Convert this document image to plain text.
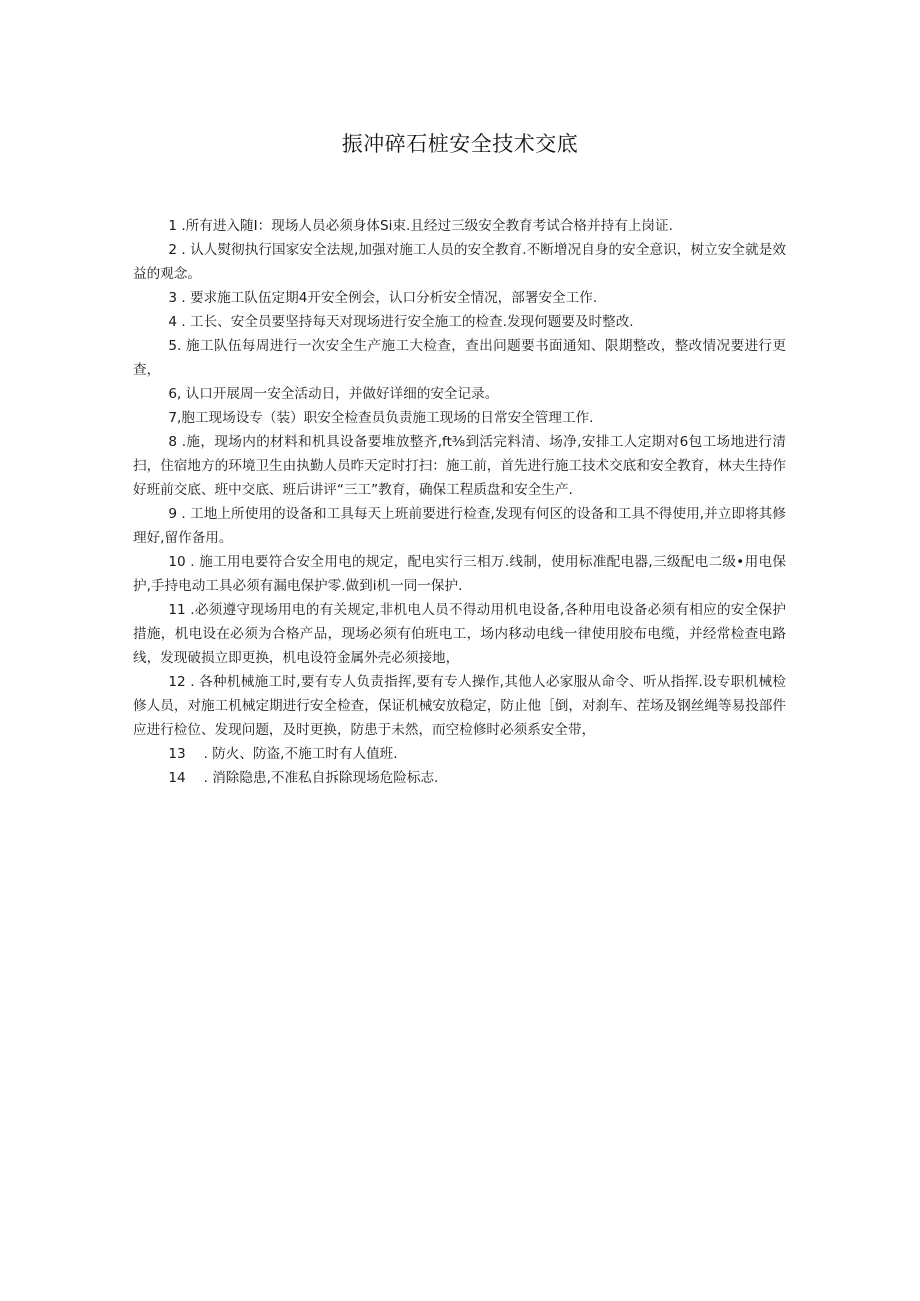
振冲碎石桩安全技术交底

1 .所有进入随I：现场人员必须身体Si束.且经过三级安全教育考试合格并持有上岗证.

2 . 认人熨彻执行国家安全法规,加强对施工人员的安全教育.不断增况自身的安全意识，树立安全就是效益的观念。

3 . 要求施工队伍定期4开安全例会，认口分析安全情况，部署安全工作.

4 . 工长、安全员要坚持每天对现场进行安全施工的检查.发现何题要及时整改.

5. 施工队伍每周进行一次安全生产施工大检查，查出问题要书面通知、限期整改，整改情况要进行更查，

6, 认口开展周一安全活动日，并做好详细的安全记录。

7,胞工现场设专（装）职安全检查员负责施工现场的日常安全管理工作.

8 .施，现场内的材料和机具设备要堆放整齐,ft⅜到活完料清、场净,安排工人定期对6包工场地进行清扫，住宿地方的环境卫生由执勤人员昨天定时打扫：施工前，首先进行施工技术交底和安全教育，林夫生持作好班前交底、班中交底、班后讲评“三工”教育，确保工程质盘和安全生产.

9 . 工地上所使用的设备和工具每天上班前要进行检查,发现有何区的设备和工具不得使用,并立即将其修理好,留作备用。

10 . 施工用电要符合安全用电的规定，配电实行三相万.线制，使用标准配电器,三级配电二级•用电保护,手持电动工具必须有漏电保护零.做到i机一同一保护.

11 .必须遵守现场用电的有关规定,非机电人员不得动用机电设备,各种用电设备必须有相应的安全保护措施，机电设在必须为合格产品，现场必须有伯班电工，场内移动电线一律使用胶布电缆，并经常检查电路线，发现破损立即更换，机电设符金属外壳必须接地，

12 . 各种机械施工时,要有专人负责指挥,要有专人操作,其他人必家服从命令、听从指挥.设专职机械检修人员，对施工机械定期进行安全检查，保证机械安放稳定，防止他［倒，对刹车、茬场及钢丝绳等易投部件应进行检位、发现问题，及时更换，防患于未然，而空检修时必须系安全带，

13　 . 防火、防盗,不施工时有人值班.

14　 . 消除隐患,不准私自拆除现场危险标志.
